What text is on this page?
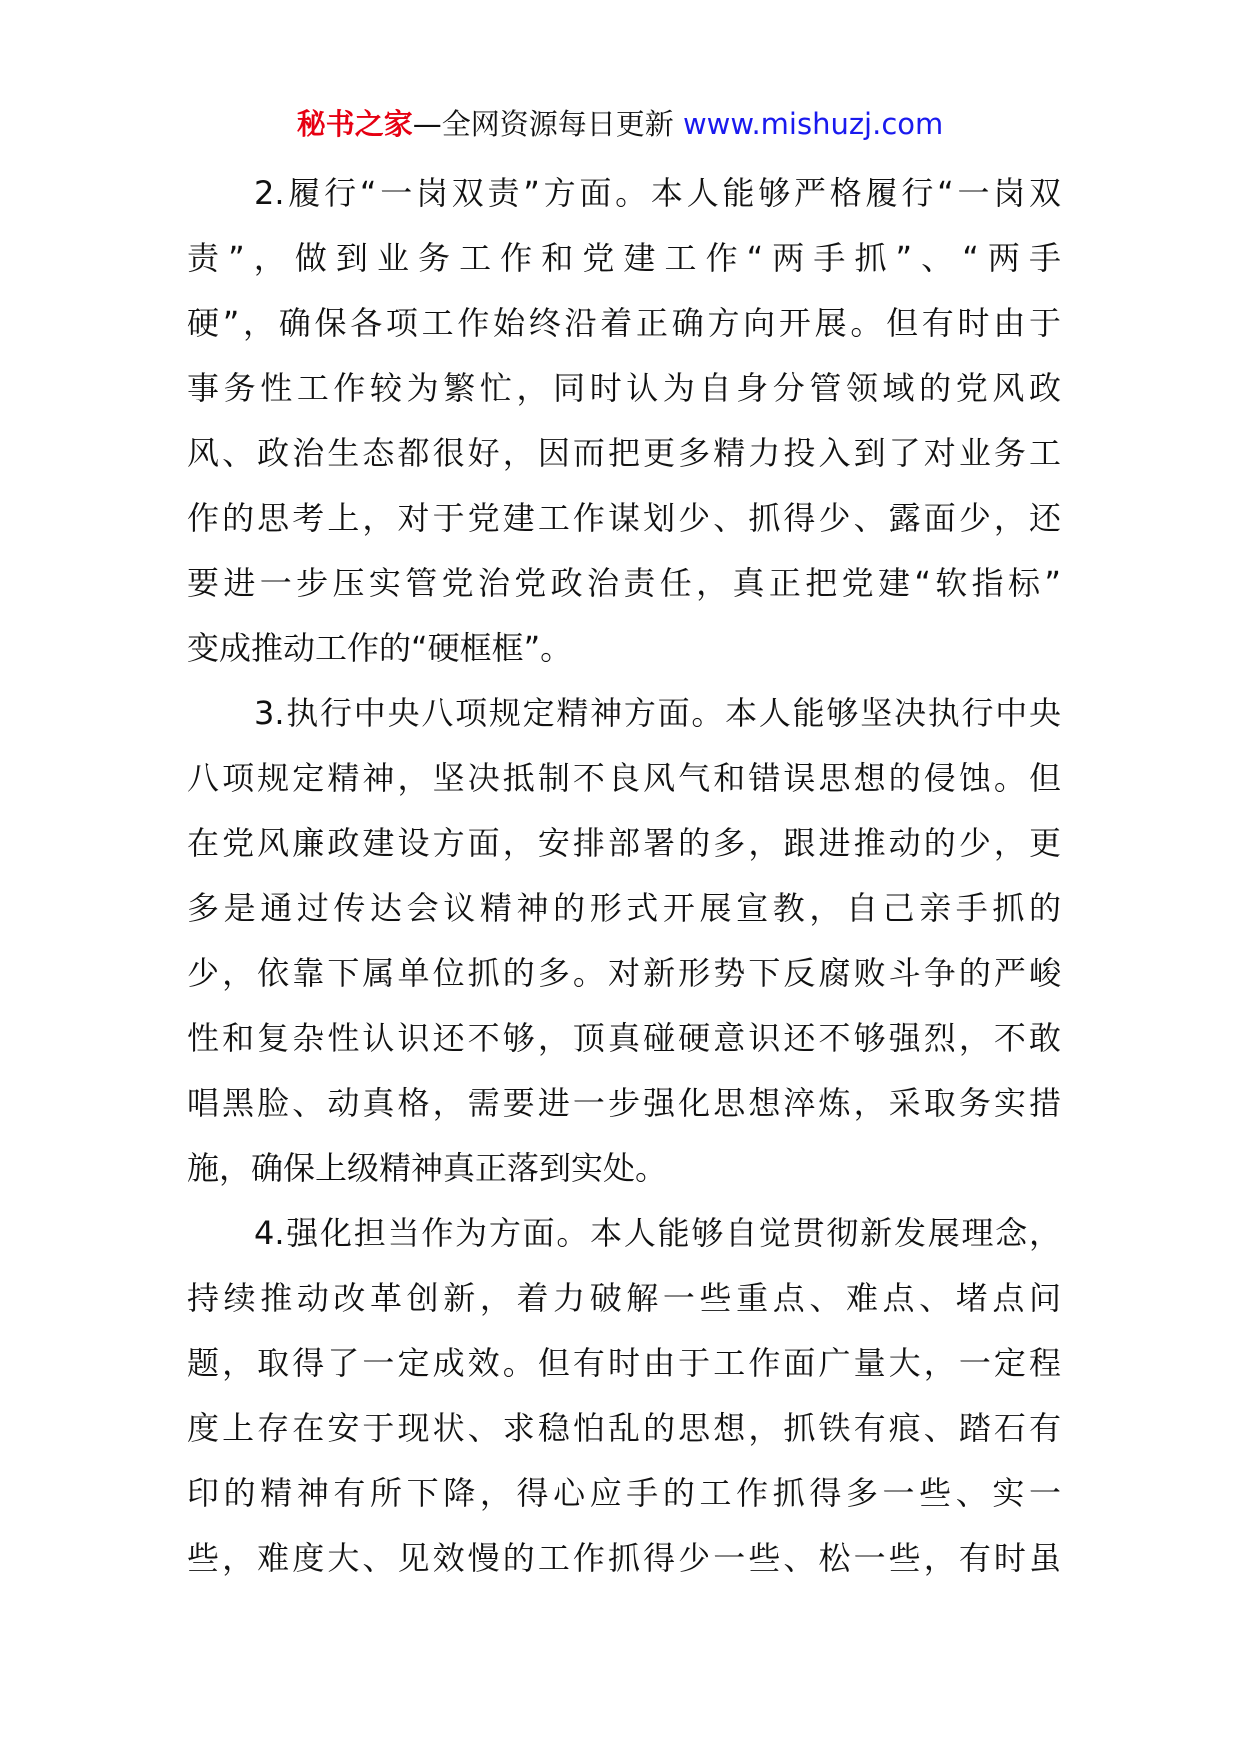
秘书之家—全网资源每日更新 www.mishuzj.com
2.履行“一岗双责”方面。本人能够严格履行“一岗双
责”，做到业务工作和党建工作“两手抓”、“两手
硬”，确保各项工作始终沿着正确方向开展。但有时由于
事务性工作较为繁忙，同时认为自身分管领域的党风政
风、政治生态都很好，因而把更多精力投入到了对业务工
作的思考上，对于党建工作谋划少、抓得少、露面少，还
要进一步压实管党治党政治责任，真正把党建“软指标”
变成推动工作的“硬框框”。
3.执行中央八项规定精神方面。本人能够坚决执行中央
八项规定精神，坚决抵制不良风气和错误思想的侵蚀。但
在党风廉政建设方面，安排部署的多，跟进推动的少，更
多是通过传达会议精神的形式开展宣教，自己亲手抓的
少，依靠下属单位抓的多。对新形势下反腐败斗争的严峻
性和复杂性认识还不够，顶真碰硬意识还不够强烈，不敢
唱黑脸、动真格，需要进一步强化思想淬炼，采取务实措
施，确保上级精神真正落到实处。
4.强化担当作为方面。本人能够自觉贯彻新发展理念，
持续推动改革创新，着力破解一些重点、难点、堵点问
题，取得了一定成效。但有时由于工作面广量大，一定程
度上存在安于现状、求稳怕乱的思想，抓铁有痕、踏石有
印的精神有所下降，得心应手的工作抓得多一些、实一
些，难度大、见效慢的工作抓得少一些、松一些，有时虽
